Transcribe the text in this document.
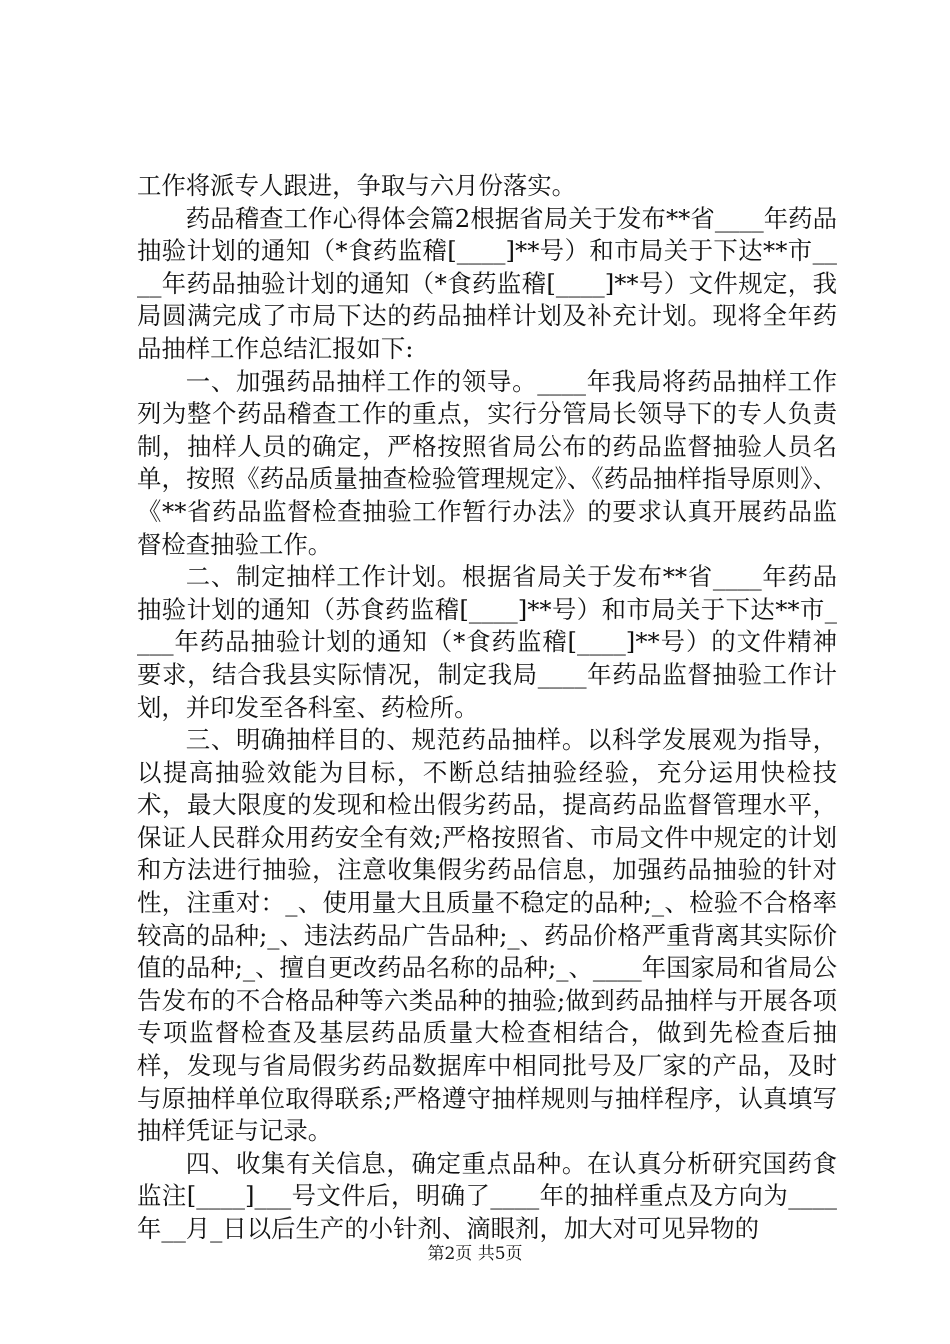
工作将派专人跟进，争取与六月份落实。

药品稽查工作心得体会篇2根据省局关于发布**省____年药品抽验计划的通知（*食药监稽[____]**号）和市局关于下达**市____年药品抽验计划的通知（*食药监稽[____]**号）文件规定，我局圆满完成了市局下达的药品抽样计划及补充计划。现将全年药品抽样工作总结汇报如下:

一、加强药品抽样工作的领导。____年我局将药品抽样工作列为整个药品稽查工作的重点，实行分管局长领导下的专人负责制，抽样人员的确定，严格按照省局公布的药品监督抽验人员名单，按照《药品质量抽查检验管理规定》、《药品抽样指导原则》、《**省药品监督检查抽验工作暂行办法》的要求认真开展药品监督检查抽验工作。

二、制定抽样工作计划。根据省局关于发布**省____年药品抽验计划的通知（苏食药监稽[____]**号）和市局关于下达**市____年药品抽验计划的通知（*食药监稽[____]**号）的文件精神要求，结合我县实际情况，制定我局____年药品监督抽验工作计划，并印发至各科室、药检所。

三、明确抽样目的、规范药品抽样。以科学发展观为指导，以提高抽验效能为目标，不断总结抽验经验，充分运用快检技术，最大限度的发现和检出假劣药品，提高药品监督管理水平，保证人民群众用药安全有效;严格按照省、市局文件中规定的计划和方法进行抽验，注意收集假劣药品信息，加强药品抽验的针对性，注重对：_、使用量大且质量不稳定的品种;_、检验不合格率较高的品种;_、违法药品广告品种;_、药品价格严重背离其实际价值的品种;_、擅自更改药品名称的品种;_、____年国家局和省局公告发布的不合格品种等六类品种的抽验;做到药品抽样与开展各项专项监督检查及基层药品质量大检查相结合，做到先检查后抽样，发现与省局假劣药品数据库中相同批号及厂家的产品，及时与原抽样单位取得联系;严格遵守抽样规则与抽样程序，认真填写抽样凭证与记录。

四、收集有关信息，确定重点品种。在认真分析研究国药食监注[____]___号文件后，明确了____年的抽样重点及方向为____年__月_日以后生产的小针剂、滴眼剂，加大对可见异物的

第2页 共5页
